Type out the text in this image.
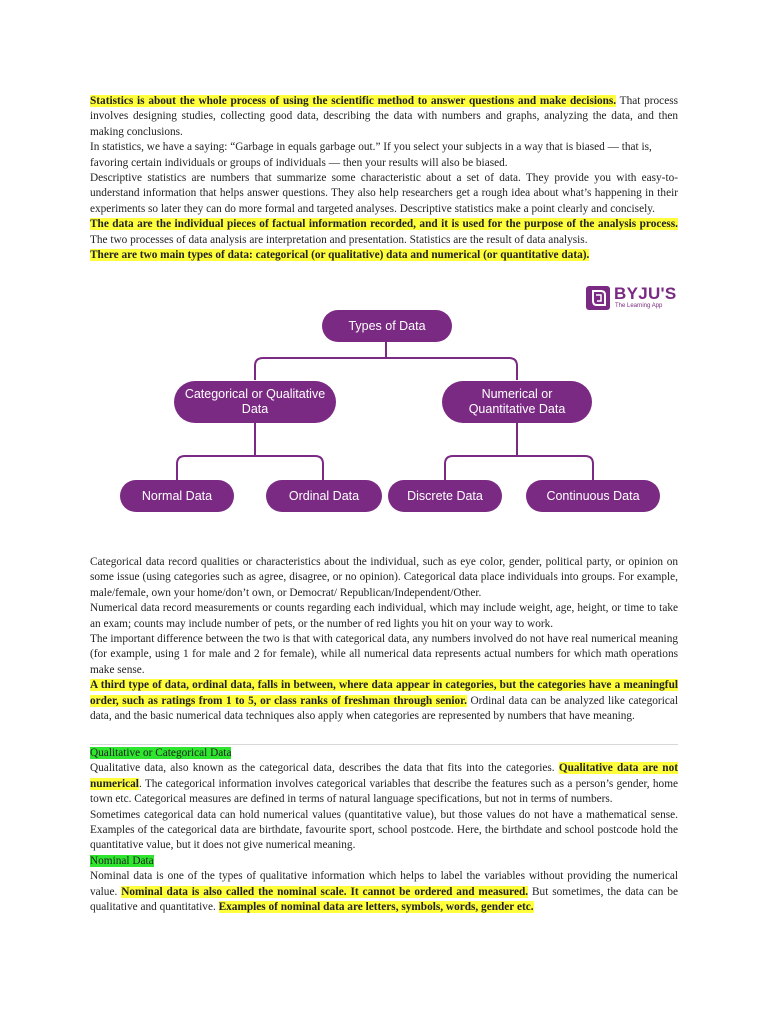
Statistics is about the whole process of using the scientific method to answer questions and make decisions. That process involves designing studies, collecting good data, describing the data with numbers and graphs, analyzing the data, and then making conclusions.

In statistics, we have a saying: “Garbage in equals garbage out.” If you select your subjects in a way that is biased — that is, favoring certain individuals or groups of individuals — then your results will also be biased.

Descriptive statistics are numbers that summarize some characteristic about a set of data. They provide you with easy-to-understand information that helps answer questions. They also help researchers get a rough idea about what’s happening in their experiments so later they can do more formal and targeted analyses. Descriptive statistics make a point clearly and concisely.

The data are the individual pieces of factual information recorded, and it is used for the purpose of the analysis process. The two processes of data analysis are interpretation and presentation. Statistics are the result of data analysis.

There are two main types of data: categorical (or qualitative) data and numerical (or quantitative data).

BYJU'S
The Learning App
Types of Data
Categorical or Qualitative Data
Numerical or Quantitative Data
Normal Data	Ordinal Data	Discrete Data	Continuous Data

Categorical data record qualities or characteristics about the individual, such as eye color, gender, political party, or opinion on some issue (using categories such as agree, disagree, or no opinion). Categorical data place individuals into groups. For example, male/female, own your home/don’t own, or Democrat/ Republican/Independent/Other.

Numerical data record measurements or counts regarding each individual, which may include weight, age, height, or time to take an exam; counts may include number of pets, or the number of red lights you hit on your way to work.

The important difference between the two is that with categorical data, any numbers involved do not have real numerical meaning (for example, using 1 for male and 2 for female), while all numerical data represents actual numbers for which math operations make sense.

A third type of data, ordinal data, falls in between, where data appear in categories, but the categories have a meaningful order, such as ratings from 1 to 5, or class ranks of freshman through senior. Ordinal data can be analyzed like categorical data, and the basic numerical data techniques also apply when categories are represented by numbers that have meaning.

Qualitative or Categorical Data

Qualitative data, also known as the categorical data, describes the data that fits into the categories. Qualitative data are not numerical. The categorical information involves categorical variables that describe the features such as a person’s gender, home town etc. Categorical measures are defined in terms of natural language specifications, but not in terms of numbers.

Sometimes categorical data can hold numerical values (quantitative value), but those values do not have a mathematical sense. Examples of the categorical data are birthdate, favourite sport, school postcode. Here, the birthdate and school postcode hold the quantitative value, but it does not give numerical meaning.

Nominal Data

Nominal data is one of the types of qualitative information which helps to label the variables without providing the numerical value. Nominal data is also called the nominal scale. It cannot be ordered and measured. But sometimes, the data can be qualitative and quantitative. Examples of nominal data are letters, symbols, words, gender etc.
